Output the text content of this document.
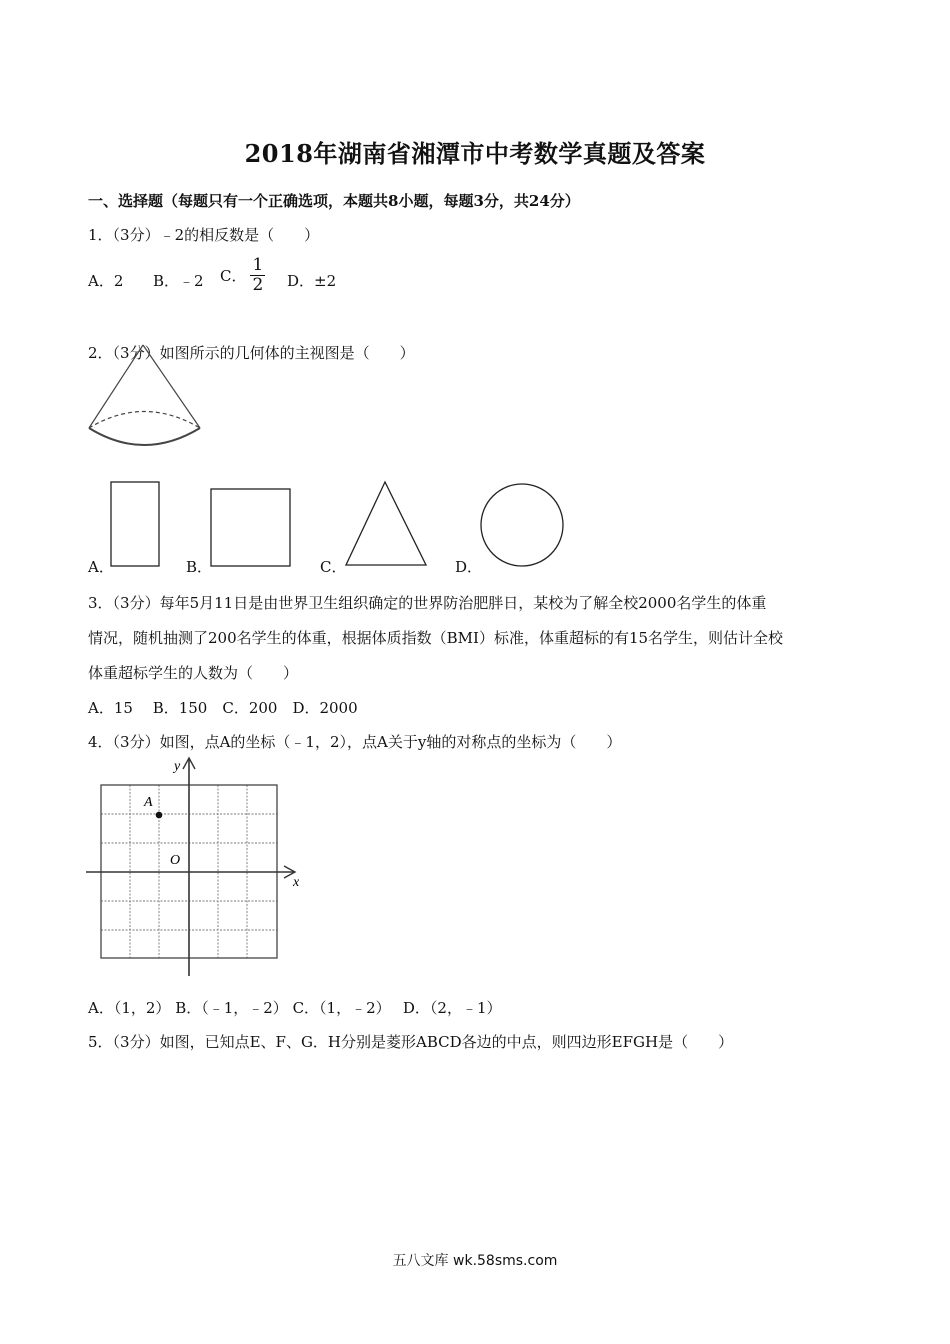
2018年湖南省湘潭市中考数学真题及答案
一、选择题（每题只有一个正确选项，本题共8小题，每题3分，共24分）
1．（3分）﹣2的相反数是（　　）
A．2 B．﹣2 C． $\frac{1}{2}$ D．±2
2．（3分）如图所示的几何体的主视图是（　　）
A．	B．	C．	D．
3．（3分）每年5月11日是由世界卫生组织确定的世界防治肥胖日，某校为了解全校2000名学生的体重
情况，随机抽测了200名学生的体重，根据体质指数（BMI）标准，体重超标的有15名学生，则估计全校
体重超标学生的人数为（　　）
A．15　 B．150　C．200　D．2000
4．（3分）如图，点A的坐标（﹣1，2），点A关于y轴的对称点的坐标为（　　）
y
x
A
O
A．（1，2） B．（﹣1，﹣2） C．（1，﹣2）　 D．（2，﹣1）
5．（3分）如图，已知点E、F、G．H分别是菱形ABCD各边的中点，则四边形EFGH是（　　）
五八文库 wk.58sms.com
